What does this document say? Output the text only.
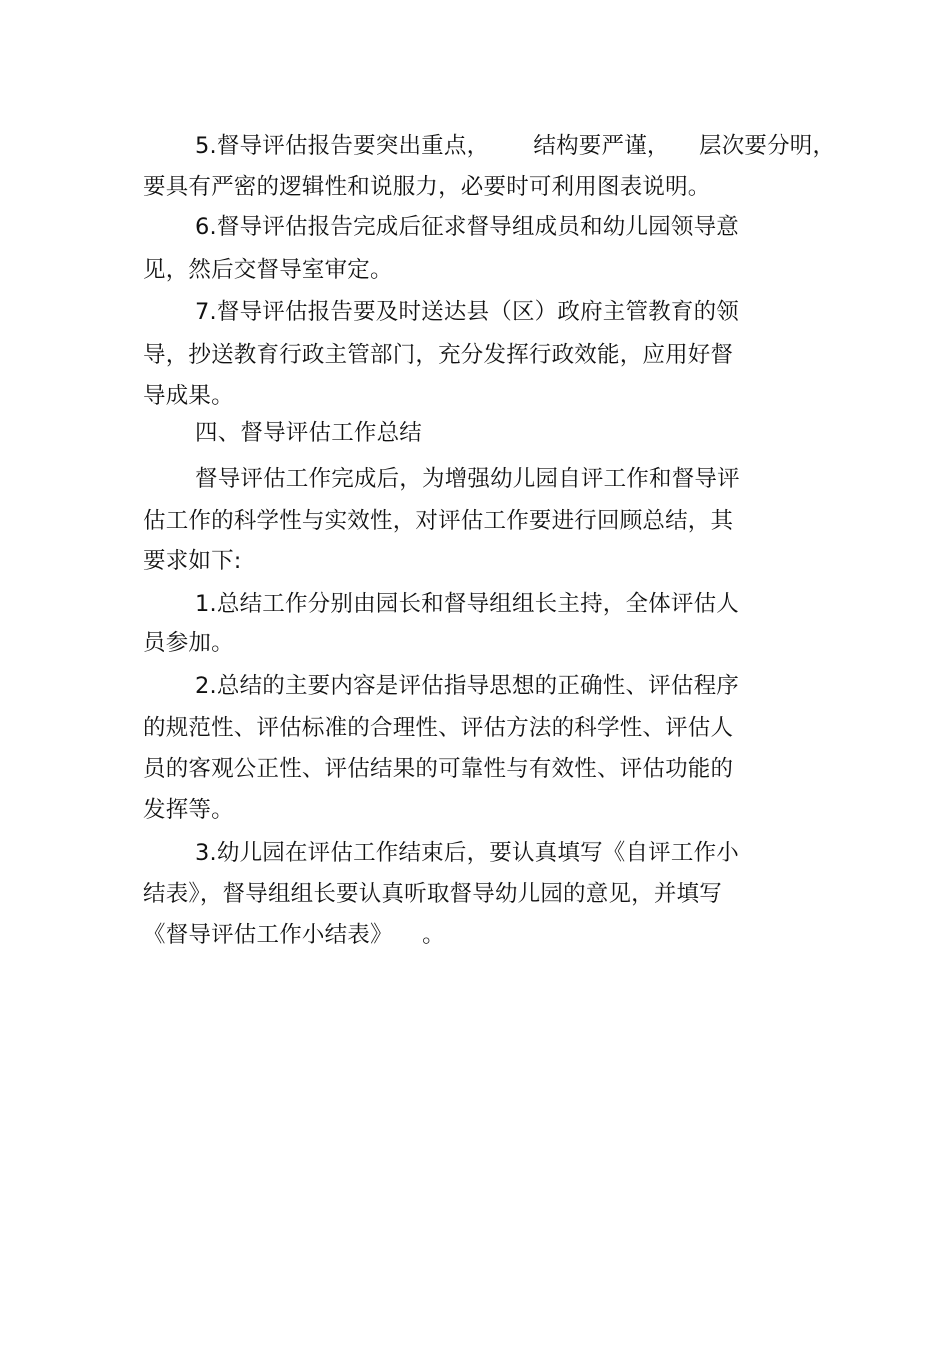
5.督导评估报告要突出重点，      结构要严谨，    层次要分明，
要具有严密的逻辑性和说服力，必要时可利用图表说明。
6.督导评估报告完成后征求督导组成员和幼儿园领导意
见，然后交督导室审定。
7.督导评估报告要及时送达县（区）政府主管教育的领
导，抄送教育行政主管部门，充分发挥行政效能，应用好督
导成果。
四、督导评估工作总结
督导评估工作完成后，为增强幼儿园自评工作和督导评
估工作的科学性与实效性，对评估工作要进行回顾总结，其
要求如下:
1.总结工作分别由园长和督导组组长主持，全体评估人
员参加。
2.总结的主要内容是评估指导思想的正确性、评估程序
的规范性、评估标准的合理性、评估方法的科学性、评估人
员的客观公正性、评估结果的可靠性与有效性、评估功能的
发挥等。
3.幼儿园在评估工作结束后，要认真填写《自评工作小
结表》，督导组组长要认真听取督导幼儿园的意见，并填写
《督导评估工作小结表》    。
